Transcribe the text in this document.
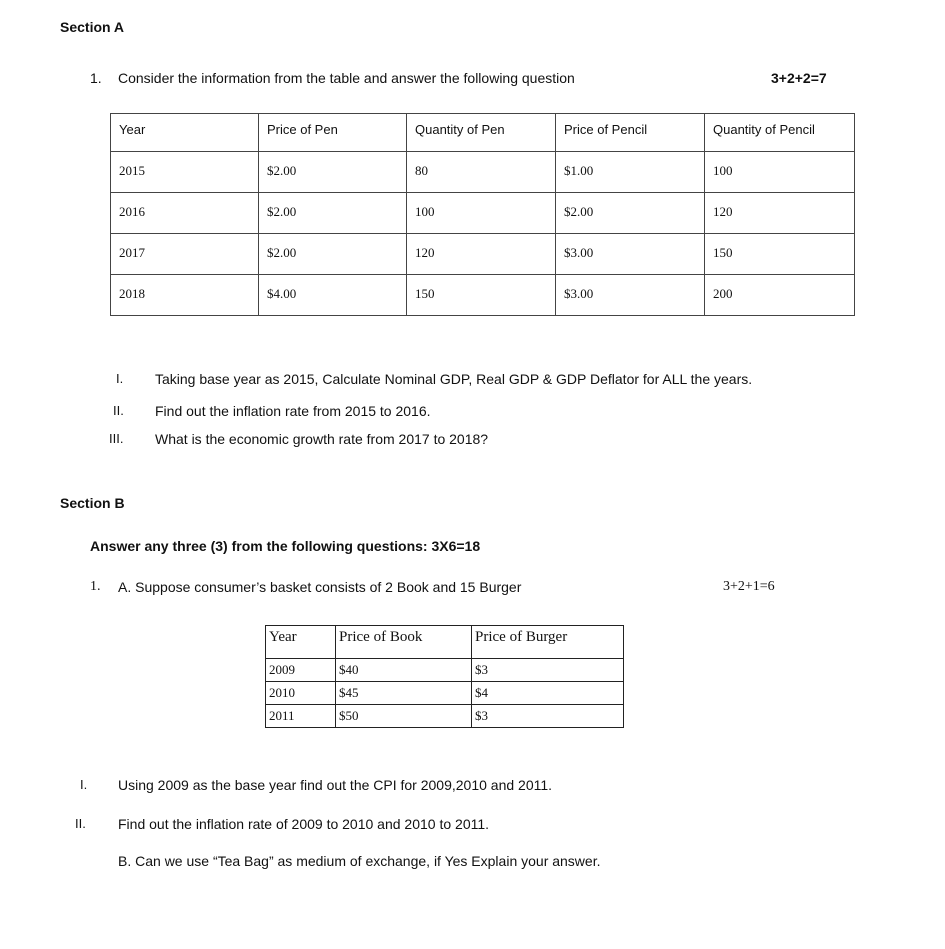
Section A
1. Consider the information from the table and answer the following question	3+2+2=7
Year	Price of Pen	Quantity of Pen	Price of Pencil	Quantity of Pencil
2015	$2.00	80	$1.00	100
2016	$2.00	100	$2.00	120
2017	$2.00	120	$3.00	150
2018	$4.00	150	$3.00	200
I. Taking base year as 2015, Calculate Nominal GDP, Real GDP & GDP Deflator for ALL the years.
II. Find out the inflation rate from 2015 to 2016.
III. What is the economic growth rate from 2017 to 2018?
Section B
Answer any three (3) from the following questions: 3X6=18
1. A. Suppose consumer’s basket consists of 2 Book and 15 Burger	3+2+1=6
Year	Price of Book	Price of Burger
2009	$40	$3
2010	$45	$4
2011	$50	$3
I. Using 2009 as the base year find out the CPI for 2009,2010 and 2011.
II. Find out the inflation rate of 2009 to 2010 and 2010 to 2011.
B. Can we use “Tea Bag” as medium of exchange, if Yes Explain your answer.
